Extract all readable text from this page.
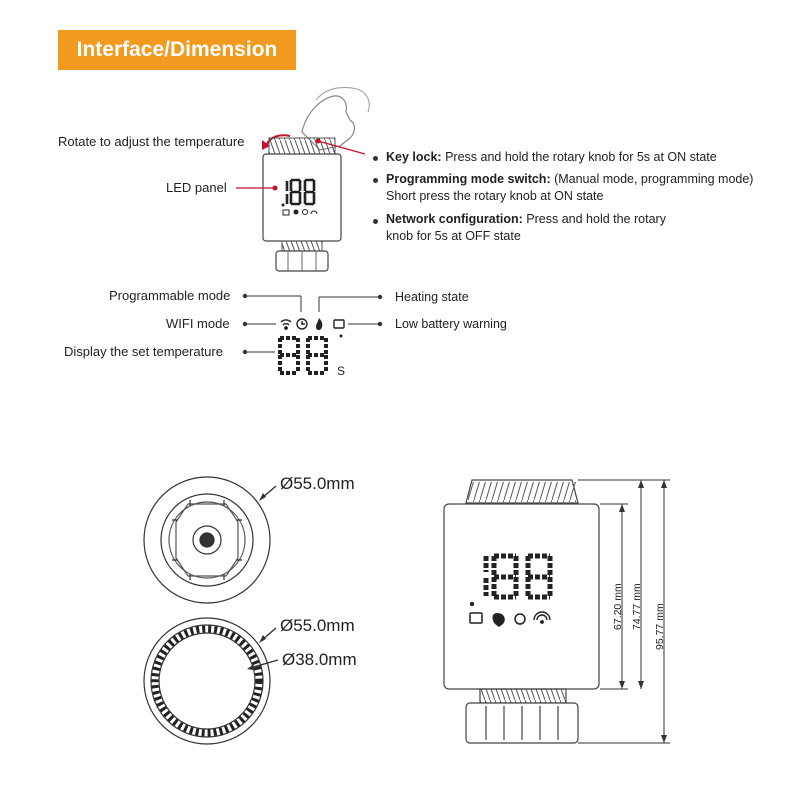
Interface/Dimension
Rotate to adjust the temperature
LED panel
Key lock: Press and hold the rotary knob for 5s at ON state
Programming mode switch: (Manual mode, programming mode)
Short press the rotary knob at ON state
Network configuration: Press and hold the rotary
knob for 5s at OFF state
Programmable mode
WIFI mode
Display the set temperature
Heating state
Low battery warning
S
Ø55.0mm
Ø55.0mm
Ø38.0mm
67.20 mm 74.77 mm 95.77 mm
